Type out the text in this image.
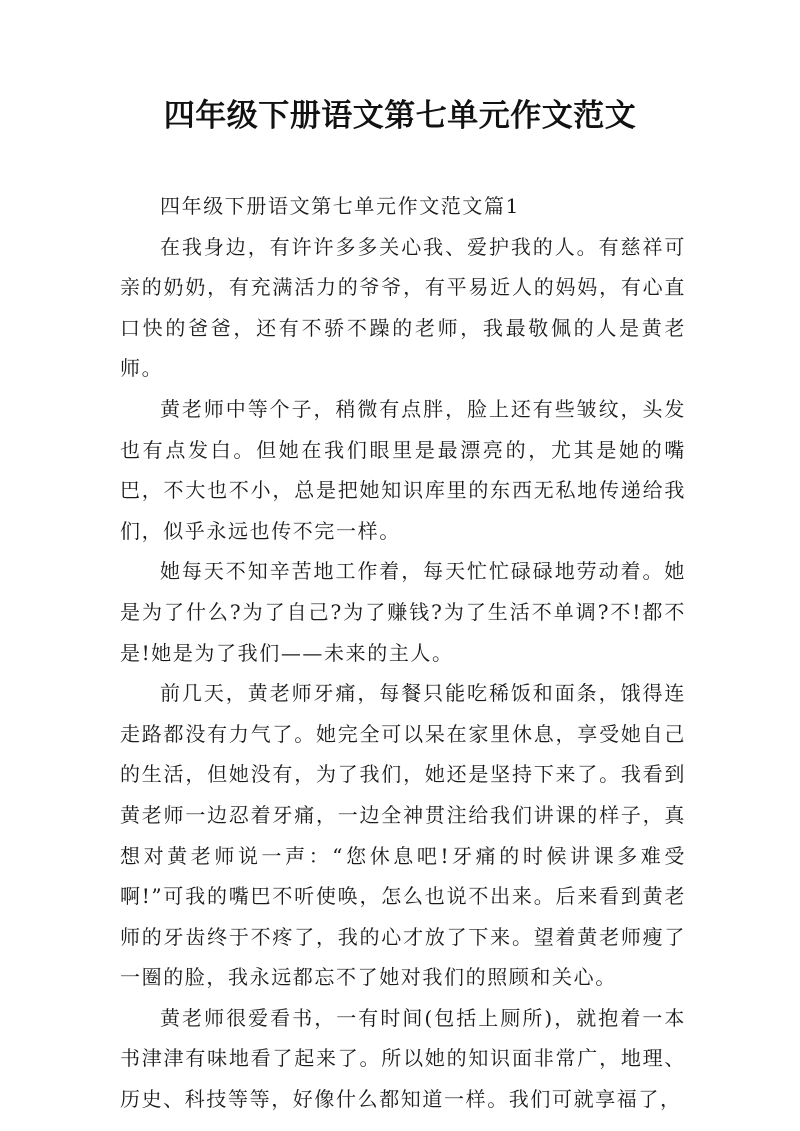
四年级下册语文第七单元作文范文

四年级下册语文第七单元作文范文篇1

在我身边，有许许多多关心我、爱护我的人。有慈祥可亲的奶奶，有充满活力的爷爷，有平易近人的妈妈，有心直口快的爸爸，还有不骄不躁的老师，我最敬佩的人是黄老师。

黄老师中等个子，稍微有点胖，脸上还有些皱纹，头发也有点发白。但她在我们眼里是最漂亮的，尤其是她的嘴巴，不大也不小，总是把她知识库里的东西无私地传递给我们，似乎永远也传不完一样。

她每天不知辛苦地工作着，每天忙忙碌碌地劳动着。她是为了什么?为了自己?为了赚钱?为了生活不单调?不!都不是!她是为了我们——未来的主人。

前几天，黄老师牙痛，每餐只能吃稀饭和面条，饿得连走路都没有力气了。她完全可以呆在家里休息，享受她自己的生活，但她没有，为了我们，她还是坚持下来了。我看到黄老师一边忍着牙痛，一边全神贯注给我们讲课的样子，真想对黄老师说一声：“您休息吧!牙痛的时候讲课多难受啊!”可我的嘴巴不听使唤，怎么也说不出来。后来看到黄老师的牙齿终于不疼了，我的心才放了下来。望着黄老师瘦了一圈的脸，我永远都忘不了她对我们的照顾和关心。

黄老师很爱看书，一有时间(包括上厕所)，就抱着一本书津津有味地看了起来了。所以她的知识面非常广，地理、历史、科技等等，好像什么都知道一样。我们可就享福了，
